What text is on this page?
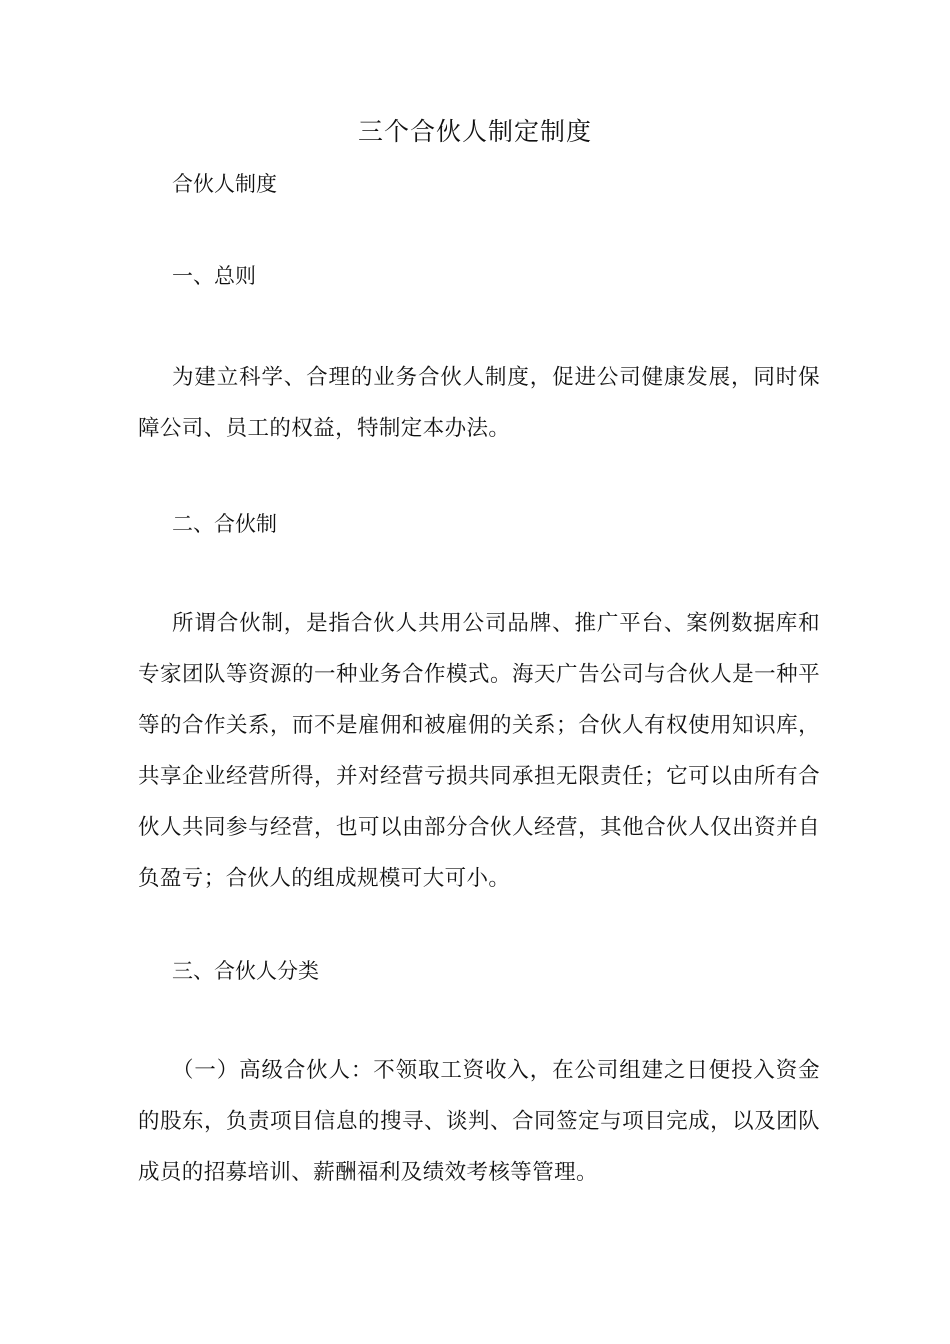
三个合伙人制定制度
合伙人制度
一、总则
为建立科学、合理的业务合伙人制度，促进公司健康发展，同时保障公司、员工的权益，特制定本办法。
二、合伙制
所谓合伙制，是指合伙人共用公司品牌、推广平台、案例数据库和专家团队等资源的一种业务合作模式。海天广告公司与合伙人是一种平等的合作关系，而不是雇佣和被雇佣的关系；合伙人有权使用知识库，共享企业经营所得，并对经营亏损共同承担无限责任；它可以由所有合伙人共同参与经营，也可以由部分合伙人经营，其他合伙人仅出资并自负盈亏；合伙人的组成规模可大可小。
三、合伙人分类
（一）高级合伙人：不领取工资收入，在公司组建之日便投入资金的股东，负责项目信息的搜寻、谈判、合同签定与项目完成，以及团队成员的招募培训、薪酬福利及绩效考核等管理。
